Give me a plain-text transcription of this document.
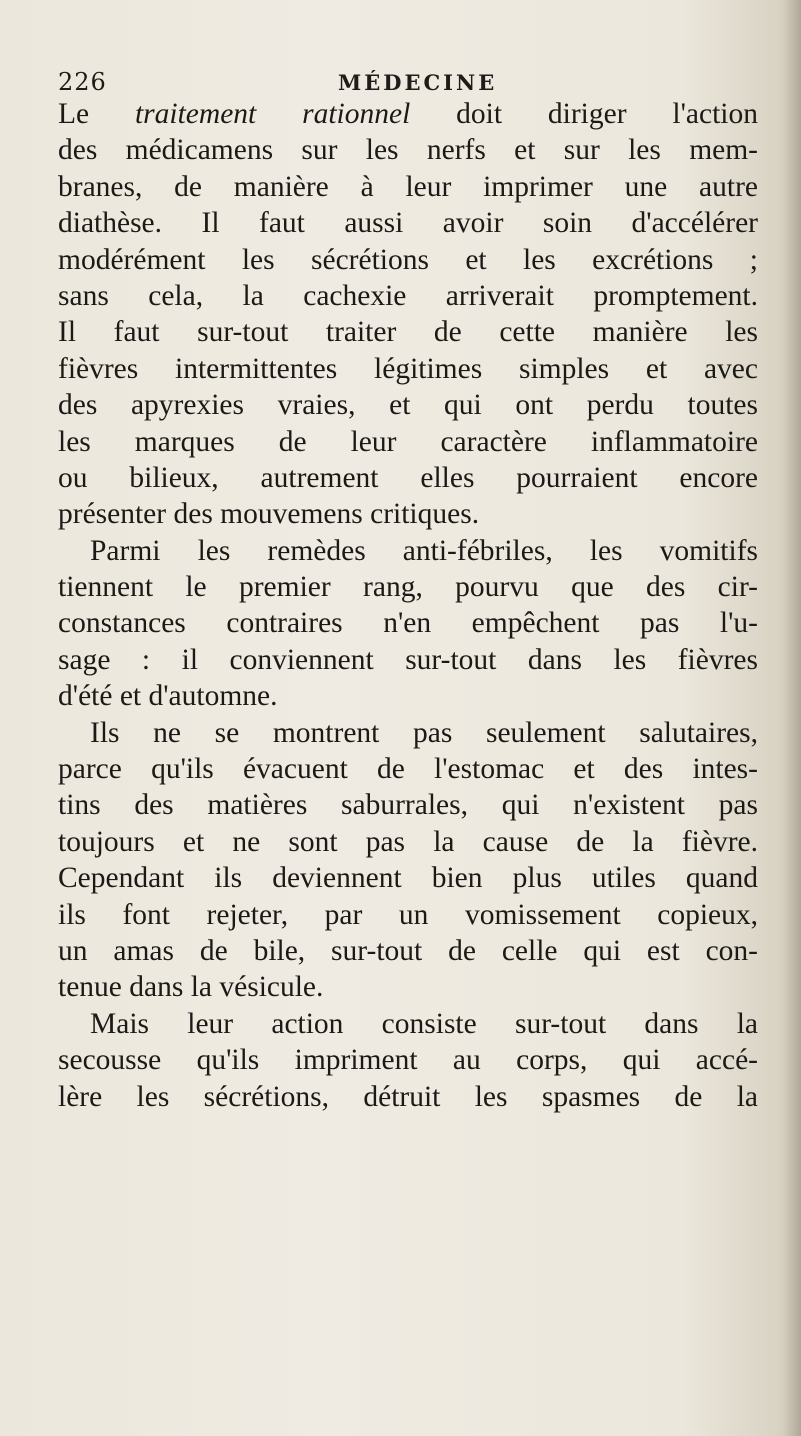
226	MÉDECINE
Le traitement rationnel doit diriger l'action
des médicamens sur les nerfs et sur les mem-
branes, de manière à leur imprimer une autre
diathèse. Il faut aussi avoir soin d'accélérer
modérément les sécrétions et les excrétions ;
sans cela, la cachexie arriverait promptement.
Il faut sur-tout traiter de cette manière les
fièvres intermittentes légitimes simples et avec
des apyrexies vraies, et qui ont perdu toutes
les marques de leur caractère inflammatoire
ou bilieux, autrement elles pourraient encore
présenter des mouvemens critiques.
Parmi les remèdes anti-fébriles, les vomitifs
tiennent le premier rang, pourvu que des cir-
constances contraires n'en empêchent pas l'u-
sage : il conviennent sur-tout dans les fièvres
d'été et d'automne.
Ils ne se montrent pas seulement salutaires,
parce qu'ils évacuent de l'estomac et des intes-
tins des matières saburrales, qui n'existent pas
toujours et ne sont pas la cause de la fièvre.
Cependant ils deviennent bien plus utiles quand
ils font rejeter, par un vomissement copieux,
un amas de bile, sur-tout de celle qui est con-
tenue dans la vésicule.
Mais leur action consiste sur-tout dans la
secousse qu'ils impriment au corps, qui accé-
lère les sécrétions, détruit les spasmes de la
